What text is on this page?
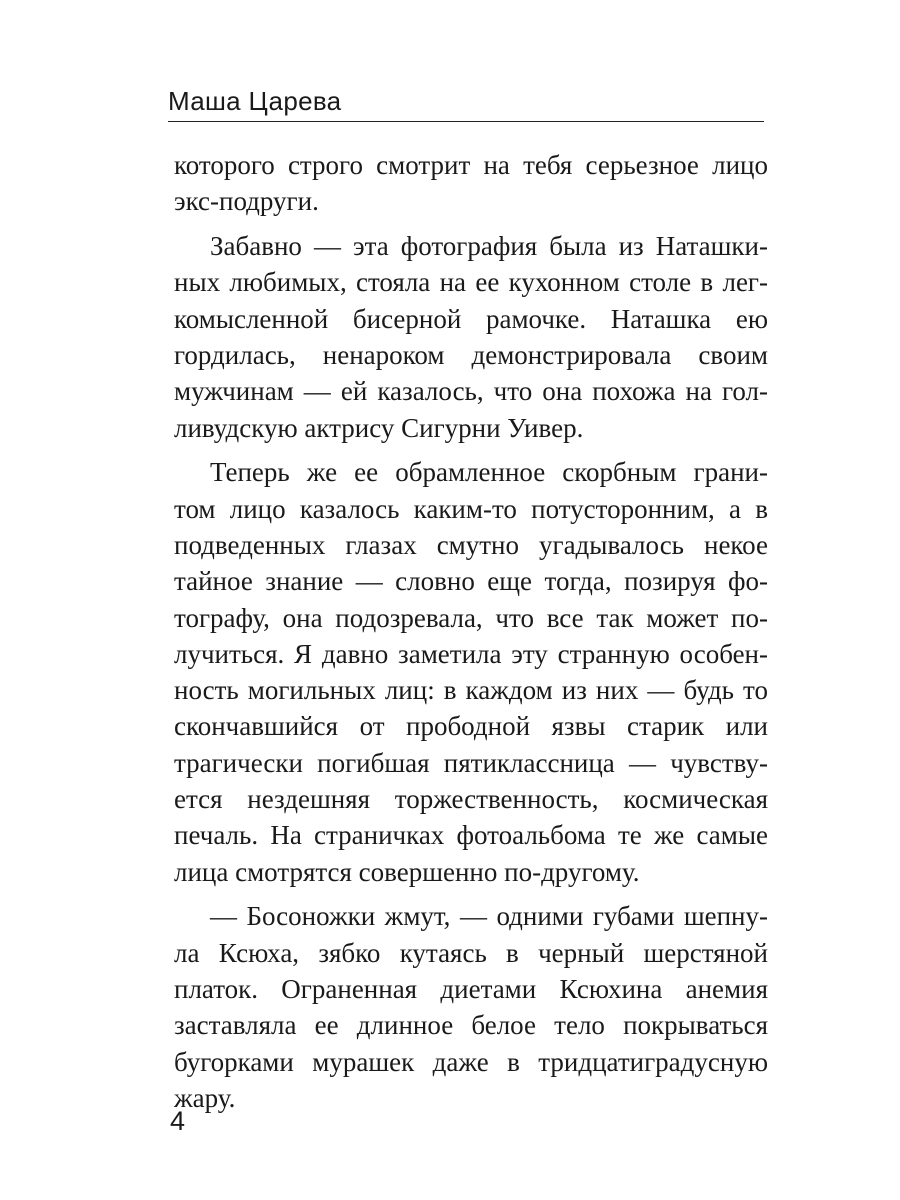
Маша Царева
которого строго смотрит на тебя серьезное лицо
экс-подруги.
Забавно — эта фотография была из Наташки-
ных любимых, стояла на ее кухонном столе в лег-
комысленной бисерной рамочке. Наташка ею
гордилась, ненароком демонстрировала своим
мужчинам — ей казалось, что она похожа на гол-
ливудскую актрису Сигурни Уивер.
Теперь же ее обрамленное скорбным грани-
том лицо казалось каким-то потусторонним, а в
подведенных глазах смутно угадывалось некое
тайное знание — словно еще тогда, позируя фо-
тографу, она подозревала, что все так может по-
лучиться. Я давно заметила эту странную особен-
ность могильных лиц: в каждом из них — будь то
скончавшийся от прободной язвы старик или
трагически погибшая пятиклассница — чувству-
ется нездешняя торжественность, космическая
печаль. На страничках фотоальбома те же самые
лица смотрятся совершенно по-другому.
— Босоножки жмут, — одними губами шепну-
ла Ксюха, зябко кутаясь в черный шерстяной
платок. Ограненная диетами Ксюхина анемия
заставляла ее длинное белое тело покрываться
бугорками мурашек даже в тридцатиградусную
жару.
4
